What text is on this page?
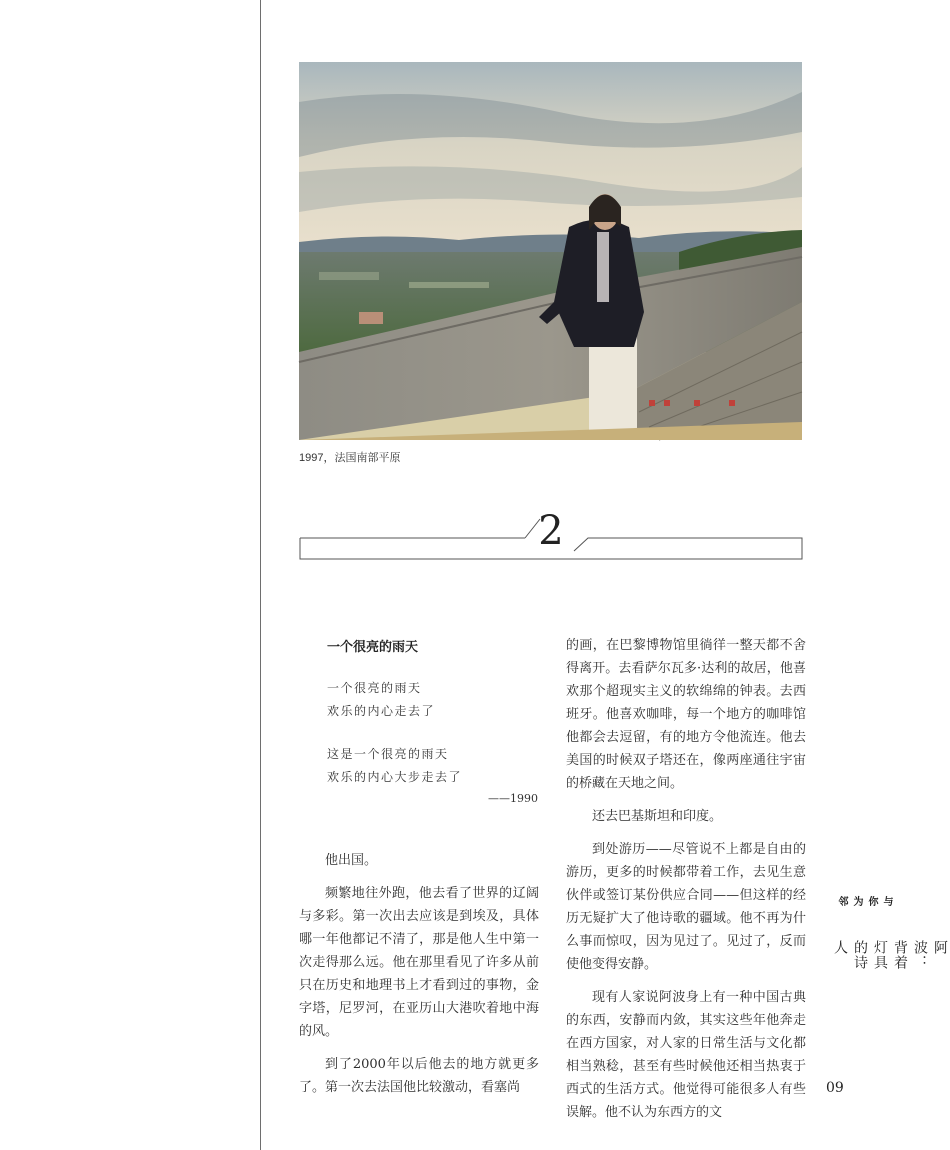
1997，法国南部平原
2
一个很亮的雨天
一个很亮的雨天
欢乐的内心走去了
这是一个很亮的雨天
欢乐的内心大步走去了
——1990

他出国。

频繁地往外跑，他去看了世界的辽阔与多彩。第一次出去应该是到埃及，具体哪一年他都记不清了，那是他人生中第一次走得那么远。他在那里看见了许多从前只在历史和地理书上才看到过的事物，金字塔，尼罗河，在亚历山大港吹着地中海的风。

到了2000年以后他去的地方就更多了。第一次去法国他比较激动，看塞尚

的画，在巴黎博物馆里徜徉一整天都不舍得离开。去看萨尔瓦多·达利的故居，他喜欢那个超现实主义的软绵绵的钟表。去西班牙。他喜欢咖啡，每一个地方的咖啡馆他都会去逗留，有的地方令他流连。他去美国的时候双子塔还在，像两座通往宇宙的桥藏在天地之间。

还去巴基斯坦和印度。

到处游历——尽管说不上都是自由的游历，更多的时候都带着工作，去见生意伙伴或签订某份供应合同——但这样的经历无疑扩大了他诗歌的疆域。他不再为什么事而惊叹，因为见过了。见过了，反而使他变得安静。

现有人家说阿波身上有一种中国古典的东西，安静而内敛，其实这些年他奔走在西方国家，对人家的日常生活与文化都相当熟稔，甚至有些时候他还相当热衷于西式的生活方式。他觉得可能很多人有些误解。他不认为东西方的文

与你为邻
阿波：背着灯具的诗人
09
